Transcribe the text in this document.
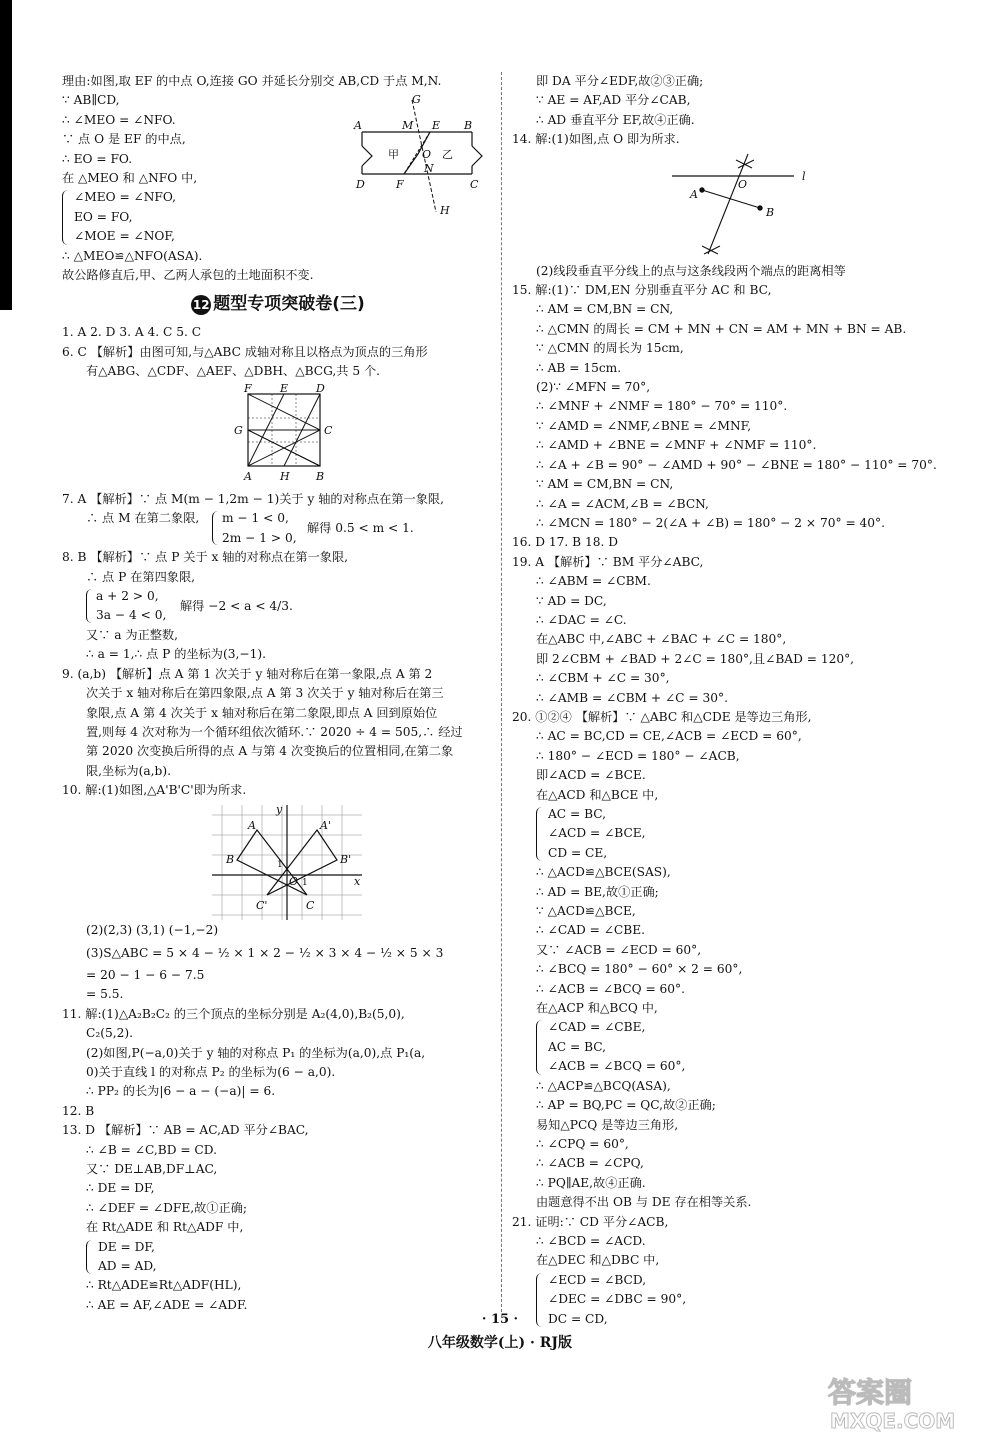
理由:如图,取 EF 的中点 O,连接 GO 并延长分别交 AB,CD 于点 M,N.
∵ AB∥CD,
∴ ∠MEO = ∠NFO.
∵ 点 O 是 EF 的中点,
∴ EO = FO.
在 △MEO 和 △NFO 中,
∠MEO = ∠NFO,
EO = FO,
∠MOE = ∠NOF,
∴ △MEO≌△NFO(ASA).
故公路修直后,甲、乙两人承包的土地面积不变.
G
A	M E B
甲 O 乙
D	F
N
C
H
12 题型专项突破卷(三)
1. A 2. D 3. A 4. C 5. C
6. C 【解析】由图可知,与△ABC 成轴对称且以格点为顶点的三角形
有△ABG、△CDF、△AEF、△DBH、△BCG,共 5 个.
F	E	D
G	C
A	H B
7. A 【解析】∵ 点 M(m − 1,2m − 1)关于 y 轴的对称点在第一象限,
∴ 点 M 在第二象限, m − 1 < 0,
2m − 1 > 0,
解得 0.5 < m < 1.
8. B 【解析】∵ 点 P 关于 x 轴的对称点在第一象限,
∴ 点 P 在第四象限,
a + 2 > 0,
3a − 4 < 0,
解得 −2 < a < 4/3.
又∵ a 为正整数,
∴ a = 1,∴ 点 P 的坐标为(3,−1).
9. (a,b) 【解析】点 A 第 1 次关于 y 轴对称后在第一象限,点 A 第 2
次关于 x 轴对称后在第四象限,点 A 第 3 次关于 y 轴对称后在第三
象限,点 A 第 4 次关于 x 轴对称后在第二象限,即点 A 回到原始位
置,则每 4 次对称为一个循环组依次循环.∵ 2020 ÷ 4 = 505,∴ 经过
第 2020 次变换后所得的点 A 与第 4 次变换后的位置相同,在第二象
限,坐标为(a,b).
10. 解:(1)如图,△A'B'C'即为所求.
y
A	A'
B	B'
1
O 1	x
C'	C
(2)(2,3) (3,1) (−1,−2)
(3)S△ABC = 5 × 4 − ½ × 1 × 2 − ½ × 3 × 4 − ½ × 5 × 3
= 20 − 1 − 6 − 7.5
= 5.5.
11. 解:(1)△A₂B₂C₂ 的三个顶点的坐标分别是 A₂(4,0),B₂(5,0),
C₂(5,2).
(2)如图,P(−a,0)关于 y 轴的对称点 P₁ 的坐标为(a,0),点 P₁(a,
0)关于直线 l 的对称点 P₂ 的坐标为(6 − a,0).
∴ PP₂ 的长为|6 − a − (−a)| = 6.
12. B
13. D 【解析】∵ AB = AC,AD 平分∠BAC,
∴ ∠B = ∠C,BD = CD.
又∵ DE⊥AB,DF⊥AC,
∴ DE = DF,
∴ ∠DEF = ∠DFE,故①正确;
在 Rt△ADE 和 Rt△ADF 中,
DE = DF,
AD = AD,
∴ Rt△ADE≌Rt△ADF(HL),
∴ AE = AF,∠ADE = ∠ADF.
即 DA 平分∠EDF,故②③正确;
∵ AE = AF,AD 平分∠CAB,
∴ AD 垂直平分 EF,故④正确.
14. 解:(1)如图,点 O 即为所求.
O
l
A
B
(2)线段垂直平分线上的点与这条线段两个端点的距离相等
15. 解:(1)∵ DM,EN 分别垂直平分 AC 和 BC,
∴ AM = CM,BN = CN,
∴ △CMN 的周长 = CM + MN + CN = AM + MN + BN = AB.
∵ △CMN 的周长为 15cm,
∴ AB = 15cm.
(2)∵ ∠MFN = 70°,
∴ ∠MNF + ∠NMF = 180° − 70° = 110°.
∵ ∠AMD = ∠NMF,∠BNE = ∠MNF,
∴ ∠AMD + ∠BNE = ∠MNF + ∠NMF = 110°.
∴ ∠A + ∠B = 90° − ∠AMD + 90° − ∠BNE = 180° − 110° = 70°.
∵ AM = CM,BN = CN,
∴ ∠A = ∠ACM,∠B = ∠BCN,
∴ ∠MCN = 180° − 2(∠A + ∠B) = 180° − 2 × 70° = 40°.
16. D 17. B 18. D
19. A 【解析】∵ BM 平分∠ABC,
∴ ∠ABM = ∠CBM.
∵ AD = DC,
∴ ∠DAC = ∠C.
在△ABC 中,∠ABC + ∠BAC + ∠C = 180°,
即 2∠CBM + ∠BAD + 2∠C = 180°,且∠BAD = 120°,
∴ ∠CBM + ∠C = 30°,
∴ ∠AMB = ∠CBM + ∠C = 30°.
20. ①②④ 【解析】∵ △ABC 和△CDE 是等边三角形,
∴ AC = BC,CD = CE,∠ACB = ∠ECD = 60°,
∴ 180° − ∠ECD = 180° − ∠ACB,
即∠ACD = ∠BCE.
在△ACD 和△BCE 中,
AC = BC,
∠ACD = ∠BCE,
CD = CE,
∴ △ACD≌△BCE(SAS),
∴ AD = BE,故①正确;
∵ △ACD≌△BCE,
∴ ∠CAD = ∠CBE.
又∵ ∠ACB = ∠ECD = 60°,
∴ ∠BCQ = 180° − 60° × 2 = 60°,
∴ ∠ACB = ∠BCQ = 60°.
在△ACP 和△BCQ 中,
∠CAD = ∠CBE,
AC = BC,
∠ACB = ∠BCQ = 60°,
∴ △ACP≌△BCQ(ASA),
∴ AP = BQ,PC = QC,故②正确;
易知△PCQ 是等边三角形,
∴ ∠CPQ = 60°,
∴ ∠ACB = ∠CPQ,
∴ PQ∥AE,故④正确.
由题意得不出 OB 与 DE 存在相等关系.
21. 证明:∵ CD 平分∠ACB,
∴ ∠BCD = ∠ACD.
在△DEC 和△DBC 中,
∠ECD = ∠BCD,
∠DEC = ∠DBC = 90°,
DC = CD,
· 15 ·
八年级数学(上) · RJ版
答案圈
MXQE.COM
